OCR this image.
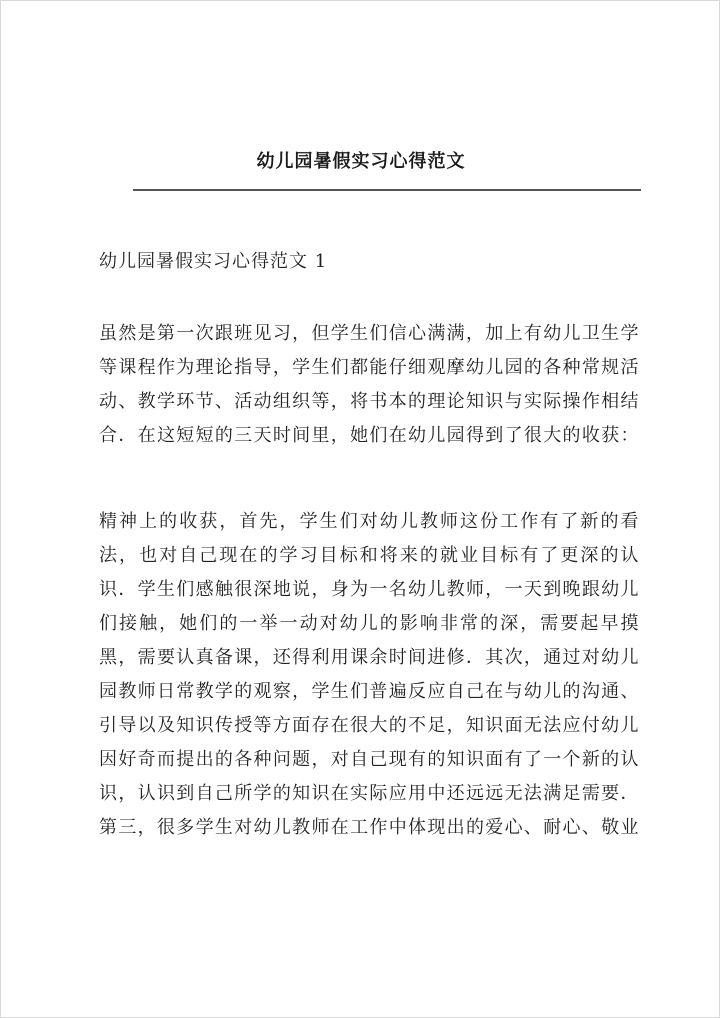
幼儿园暑假实习心得范文
幼儿园暑假实习心得范文 1
虽然是第一次跟班见习，但学生们信心满满，加上有幼儿卫生学
等课程作为理论指导，学生们都能仔细观摩幼儿园的各种常规活
动、教学环节、活动组织等，将书本的理论知识与实际操作相结
合．在这短短的三天时间里，她们在幼儿园得到了很大的收获：
精神上的收获，首先，学生们对幼儿教师这份工作有了新的看
法，也对自己现在的学习目标和将来的就业目标有了更深的认
识．学生们感触很深地说，身为一名幼儿教师，一天到晚跟幼儿
们接触，她们的一举一动对幼儿的影响非常的深，需要起早摸
黑，需要认真备课，还得利用课余时间进修．其次，通过对幼儿
园教师日常教学的观察，学生们普遍反应自己在与幼儿的沟通、
引导以及知识传授等方面存在很大的不足，知识面无法应付幼儿
因好奇而提出的各种问题，对自己现有的知识面有了一个新的认
识，认识到自己所学的知识在实际应用中还远远无法满足需要．
第三，很多学生对幼儿教师在工作中体现出的爱心、耐心、敬业
